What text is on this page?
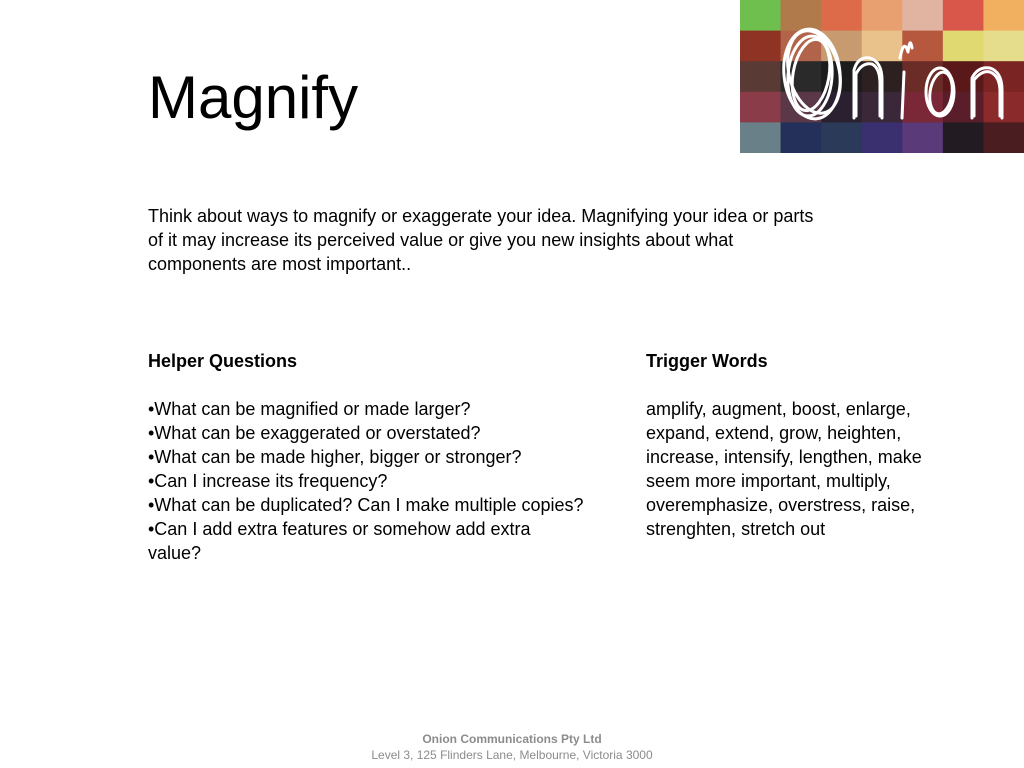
Magnify

Think about ways to magnify or exaggerate your idea. Magnifying your idea or parts of it may increase its perceived value or give you new insights about what components are most important..

Helper Questions

•What can be magnified or made larger?
•What can be exaggerated or overstated?
•What can be made higher, bigger or stronger?
•Can I increase its frequency?
•What can be duplicated? Can I make multiple copies?
•Can I add extra features or somehow add extra value?

Trigger Words

amplify, augment, boost, enlarge, expand, extend, grow, heighten, increase, intensify, lengthen, make seem more important, multiply, overemphasize, overstress, raise, strenghten, stretch out

Onion Communications Pty Ltd
Level 3, 125 Flinders Lane, Melbourne, Victoria 3000
